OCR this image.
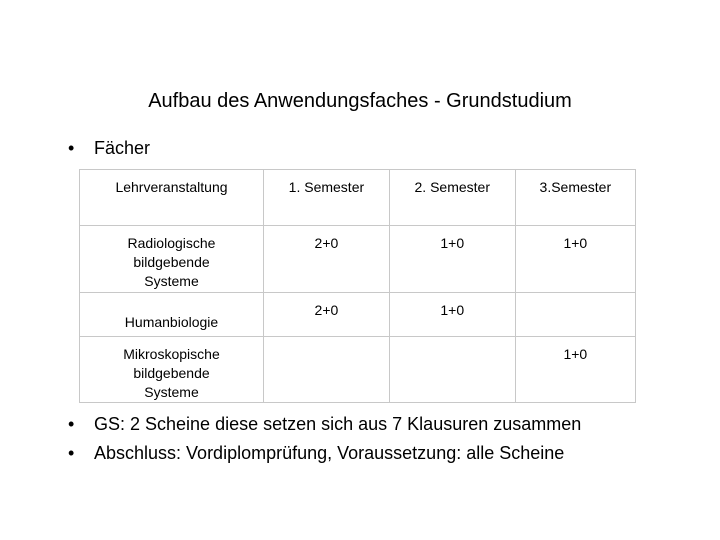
Aufbau des Anwendungsfaches - Grundstudium
• Fächer
Lehrveranstaltung	1. Semester	2. Semester	3.Semester

Radiologische bildgebende Systeme	2+0	1+0	1+0
Humanbiologie	2+0	1+0	

Mikroskopische bildgebende Systeme			1+0
• GS: 2 Scheine diese setzen sich aus 7 Klausuren zusammen
• Abschluss: Vordiplomprüfung, Voraussetzung: alle Scheine
